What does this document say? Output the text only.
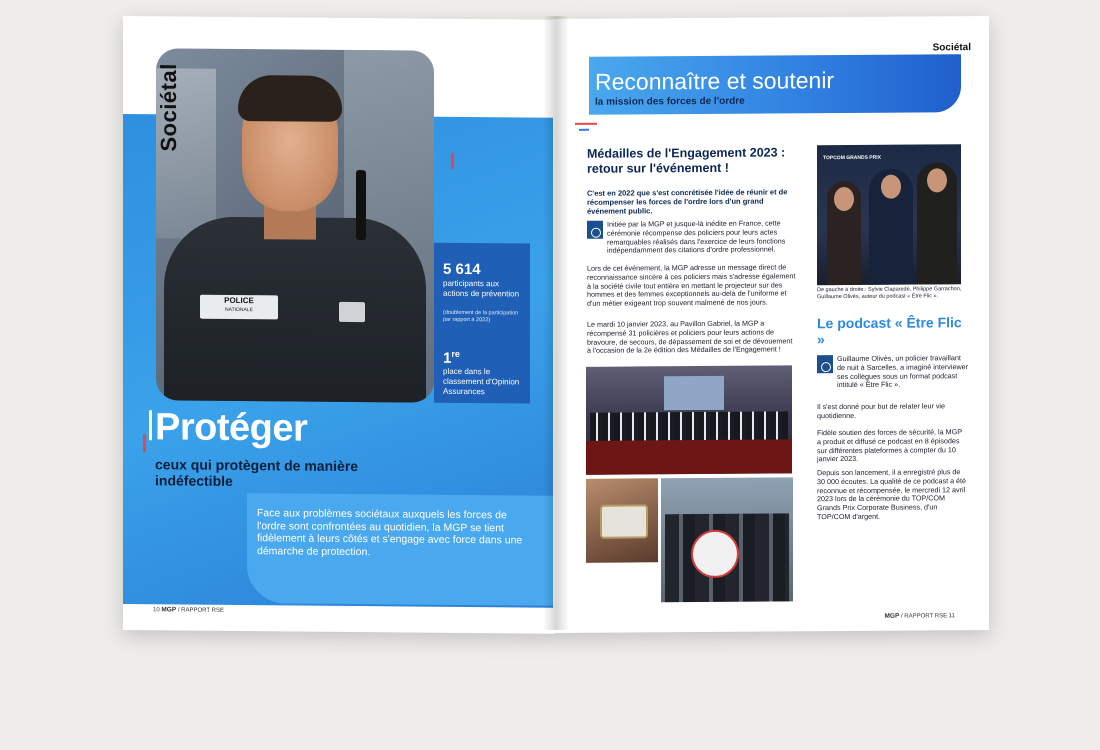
POLICE
NATIONALE
Sociétal
5 614
participants aux actions de prévention
(doublement de la participation par rapport à 2022)
1re
place dans le classement d'Opinion Assurances
Protéger
ceux qui protègent de manière indéfectible
Face aux problèmes sociétaux auxquels les forces de l'ordre sont confrontées au quotidien, la MGP se tient fidèlement à leurs côtés et s'engage avec force dans une démarche de protection.
10 MGP / RAPPORT RSE
Sociétal
Reconnaître et soutenir
la mission des forces de l'ordre
Médailles de l'Engagement 2023 : retour sur l'événement !
C'est en 2022 que s'est concrétisée l'idée de réunir et de récompenser les forces de l'ordre lors d'un grand événement public.
Initiée par la MGP et jusque-là inédite en France, cette cérémonie récompense des policiers pour leurs actes remarquables réalisés dans l'exercice de leurs fonctions indépendamment des citations d'ordre professionnel.
Lors de cet événement, la MGP adresse un message direct de reconnaissance sincère à ces policiers mais s'adresse également à la société civile tout entière en mettant le projecteur sur des hommes et des femmes exceptionnels au-delà de l'uniforme et d'un métier exigeant trop souvent malmené de nos jours.
Le mardi 10 janvier 2023, au Pavillon Gabriel, la MGP a récompensé 31 policières et policiers pour leurs actions de bravoure, de secours, de dépassement de soi et de dévouement à l'occasion de la 2e édition des Médailles de l'Engagement !
TOPCOM GRANDS PRIX
De gauche à droite : Sylvie Claparedé, Philippe Garrachon, Guillaume Olivès, auteur du podcast « Être Flic ».
Le podcast « Être Flic »
Guillaume Olivès, un policier travaillant de nuit à Sarcelles, a imaginé interviewer ses collègues sous un format podcast intitulé « Être Flic ».
Il s'est donné pour but de relater leur vie quotidienne.
Fidèle soutien des forces de sécurité, la MGP a produit et diffusé ce podcast en 8 épisodes sur différentes plateformes à compter du 10 janvier 2023.
Depuis son lancement, il a enregistré plus de 30 000 écoutes. La qualité de ce podcast a été reconnue et récompensée, le mercredi 12 avril 2023 lors de la cérémonie du TOP/COM Grands Prix Corporate Business, d'un TOP/COM d'argent.
MGP / RAPPORT RSE 11
